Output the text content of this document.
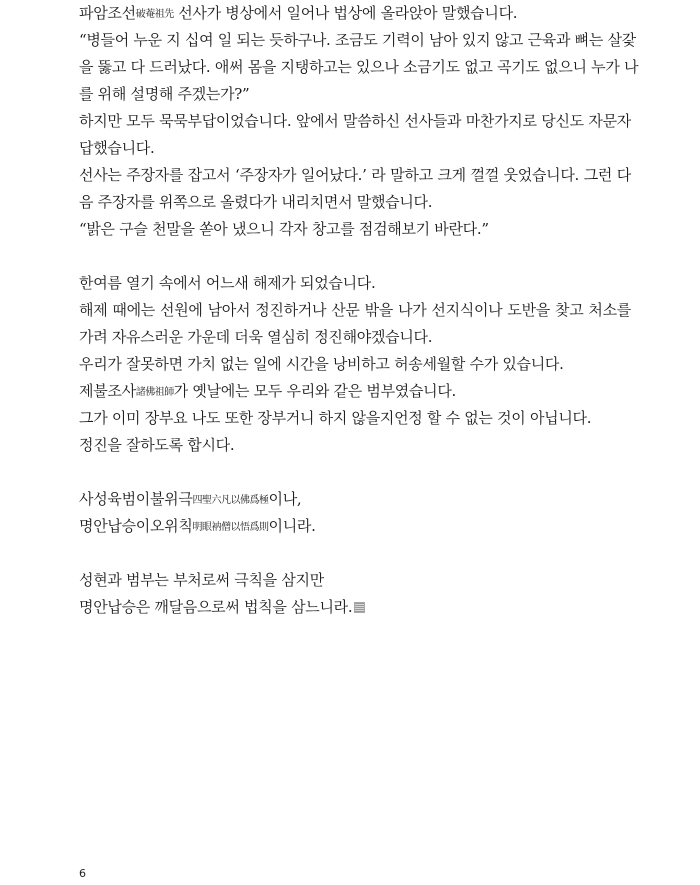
파암조선破菴祖先 선사가 병상에서 일어나 법상에 올라앉아 말했습니다.
“병들어 누운 지 십여 일 되는 듯하구나. 조금도 기력이 남아 있지 않고 근육과 뼈는 살갗
을 뚫고 다 드러났다. 애써 몸을 지탱하고는 있으나 소금기도 없고 곡기도 없으니 누가 나
를 위해 설명해 주겠는가?”
하지만 모두 묵묵부답이었습니다. 앞에서 말씀하신 선사들과 마찬가지로 당신도 자문자
답했습니다.
선사는 주장자를 잡고서 ‘주장자가 일어났다.’ 라 말하고 크게 껄껄 웃었습니다. 그런 다
음 주장자를 위쪽으로 올렸다가 내리치면서 말했습니다.
“밝은 구슬 천말을 쏟아 냈으니 각자 창고를 점검해보기 바란다.”
한여름 열기 속에서 어느새 해제가 되었습니다.
해제 때에는 선원에 남아서 정진하거나 산문 밖을 나가 선지식이나 도반을 찾고 처소를
가려 자유스러운 가운데 더욱 열심히 정진해야겠습니다.
우리가 잘못하면 가치 없는 일에 시간을 낭비하고 허송세월할 수가 있습니다.
제불조사諸佛祖師가 옛날에는 모두 우리와 같은 범부였습니다.
그가 이미 장부요 나도 또한 장부거니 하지 않을지언정 할 수 없는 것이 아닙니다.
정진을 잘하도록 합시다.
사성육범이불위극四聖六凡以佛爲極이나,
명안납승이오위칙明眼衲僧以悟爲則이니라.
성현과 범부는 부처로써 극칙을 삼지만
명안납승은 깨달음으로써 법칙을 삼느니라.
6
